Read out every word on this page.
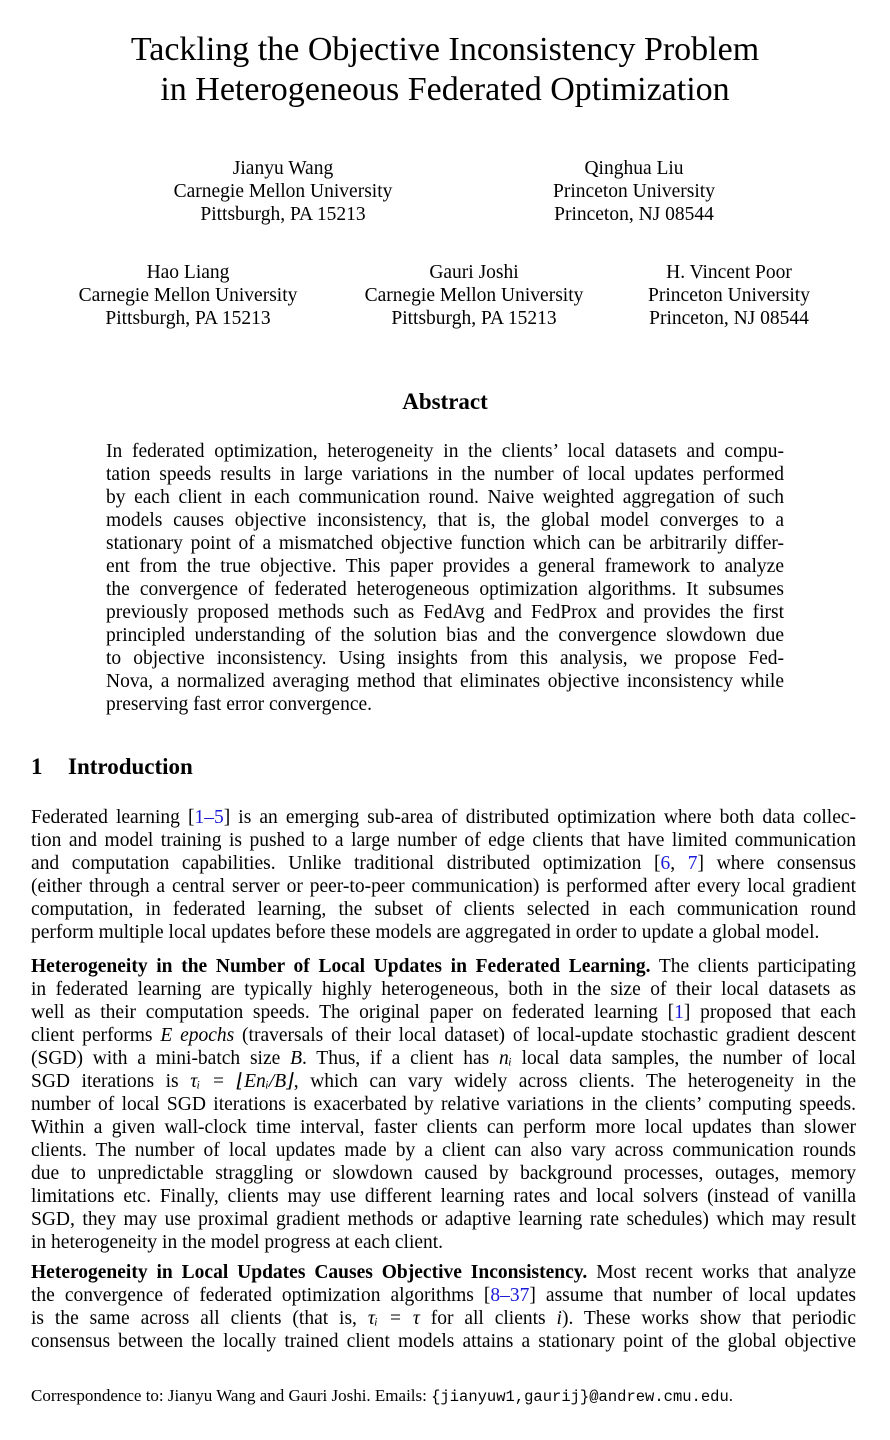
Tackling the Objective Inconsistency Problem
in Heterogeneous Federated Optimization
Jianyu Wang
Carnegie Mellon University
Pittsburgh, PA 15213
Qinghua Liu
Princeton University
Princeton, NJ 08544
Hao Liang
Carnegie Mellon University
Pittsburgh, PA 15213
Gauri Joshi
Carnegie Mellon University
Pittsburgh, PA 15213
H. Vincent Poor
Princeton University
Princeton, NJ 08544
Abstract
In federated optimization, heterogeneity in the clients’ local datasets and compu-
tation speeds results in large variations in the number of local updates performed
by each client in each communication round. Naive weighted aggregation of such
models causes objective inconsistency, that is, the global model converges to a
stationary point of a mismatched objective function which can be arbitrarily differ-
ent from the true objective. This paper provides a general framework to analyze
the convergence of federated heterogeneous optimization algorithms. It subsumes
previously proposed methods such as FedAvg and FedProx and provides the first
principled understanding of the solution bias and the convergence slowdown due
to objective inconsistency. Using insights from this analysis, we propose Fed-
Nova, a normalized averaging method that eliminates objective inconsistency while
preserving fast error convergence.
1 Introduction
Federated learning [1–5] is an emerging sub-area of distributed optimization where both data collec-
tion and model training is pushed to a large number of edge clients that have limited communication
and computation capabilities. Unlike traditional distributed optimization [6, 7] where consensus
(either through a central server or peer-to-peer communication) is performed after every local gradient
computation, in federated learning, the subset of clients selected in each communication round
perform multiple local updates before these models are aggregated in order to update a global model.
Heterogeneity in the Number of Local Updates in Federated Learning. The clients participating
in federated learning are typically highly heterogeneous, both in the size of their local datasets as
well as their computation speeds. The original paper on federated learning [1] proposed that each
client performs E epochs (traversals of their local dataset) of local-update stochastic gradient descent
(SGD) with a mini-batch size B. Thus, if a client has nᵢ local data samples, the number of local
SGD iterations is τᵢ = ⌊Enᵢ/B⌋, which can vary widely across clients. The heterogeneity in the
number of local SGD iterations is exacerbated by relative variations in the clients’ computing speeds.
Within a given wall-clock time interval, faster clients can perform more local updates than slower
clients. The number of local updates made by a client can also vary across communication rounds
due to unpredictable straggling or slowdown caused by background processes, outages, memory
limitations etc. Finally, clients may use different learning rates and local solvers (instead of vanilla
SGD, they may use proximal gradient methods or adaptive learning rate schedules) which may result
in heterogeneity in the model progress at each client.
Heterogeneity in Local Updates Causes Objective Inconsistency. Most recent works that analyze
the convergence of federated optimization algorithms [8–37] assume that number of local updates
is the same across all clients (that is, τᵢ = τ for all clients i). These works show that periodic
consensus between the locally trained client models attains a stationary point of the global objective

Correspondence to: Jianyu Wang and Gauri Joshi. Emails: {jianyuw1,gaurij}@andrew.cmu.edu.
